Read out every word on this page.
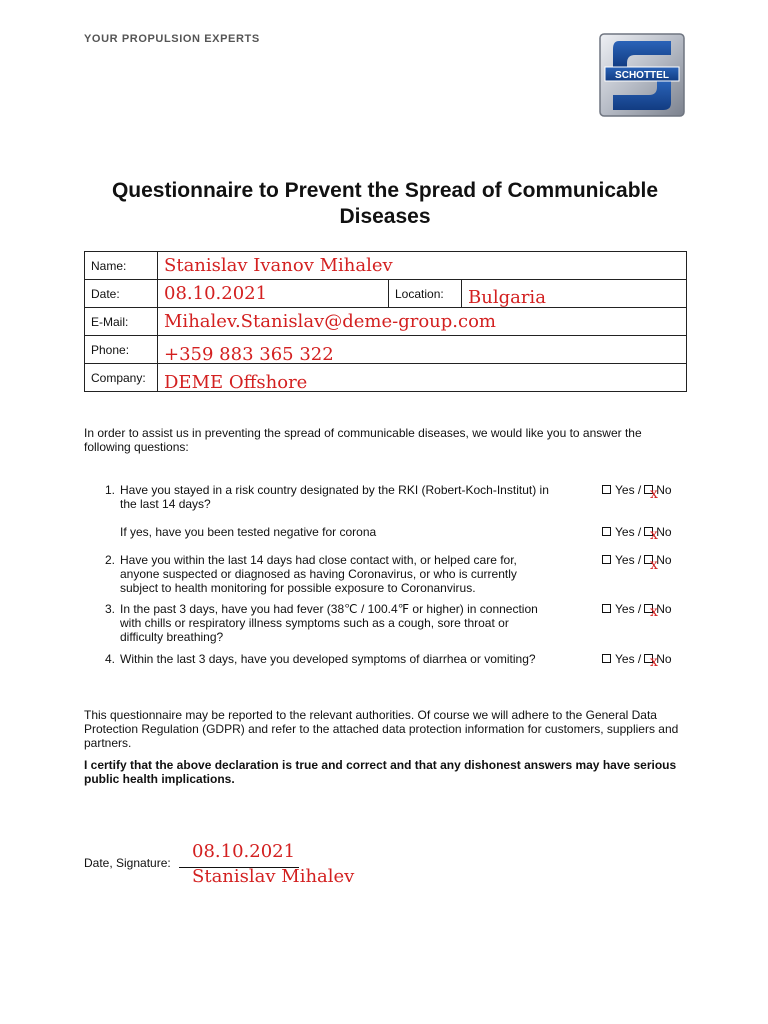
YOUR PROPULSION EXPERTS
SCHOTTEL
Questionnaire to Prevent the Spread of Communicable Diseases
Name:	Stanislav Ivanov Mihalev		
Date:	08.10.2021	Location:	Bulgaria
E-Mail:	Mihalev.Stanislav@deme-group.com		
Phone:	+359 883 365 322		
Company:	DEME Offshore		
In order to assist us in preventing the spread of communicable diseases, we would like you to answer the following questions:
1. Have you stayed in a risk country designated by the RKI (Robert-Koch-Institut) in the last 14 days?
Yes / No
x
If yes, have you been tested negative for corona	Yes / No
x
2. Have you within the last 14 days had close contact with, or helped care for, anyone suspected or diagnosed as having Coronavirus, or who is currently subject to health monitoring for possible exposure to Coronanvirus.
Yes / No
x
3. In the past 3 days, have you had fever (38℃ / 100.4℉ or higher) in connection with chills or respiratory illness symptoms such as a cough, sore throat or difficulty breathing?
Yes / No
x
4. Within the last 3 days, have you developed symptoms of diarrhea or vomiting?	Yes / No
x
This questionnaire may be reported to the relevant authorities. Of course we will adhere to the General Data Protection Regulation (GDPR) and refer to the attached data protection information for customers, suppliers and partners.
I certify that the above declaration is true and correct and that any dishonest answers may have serious public health implications.
Date, Signature:
08.10.2021
Stanislav Mihalev
